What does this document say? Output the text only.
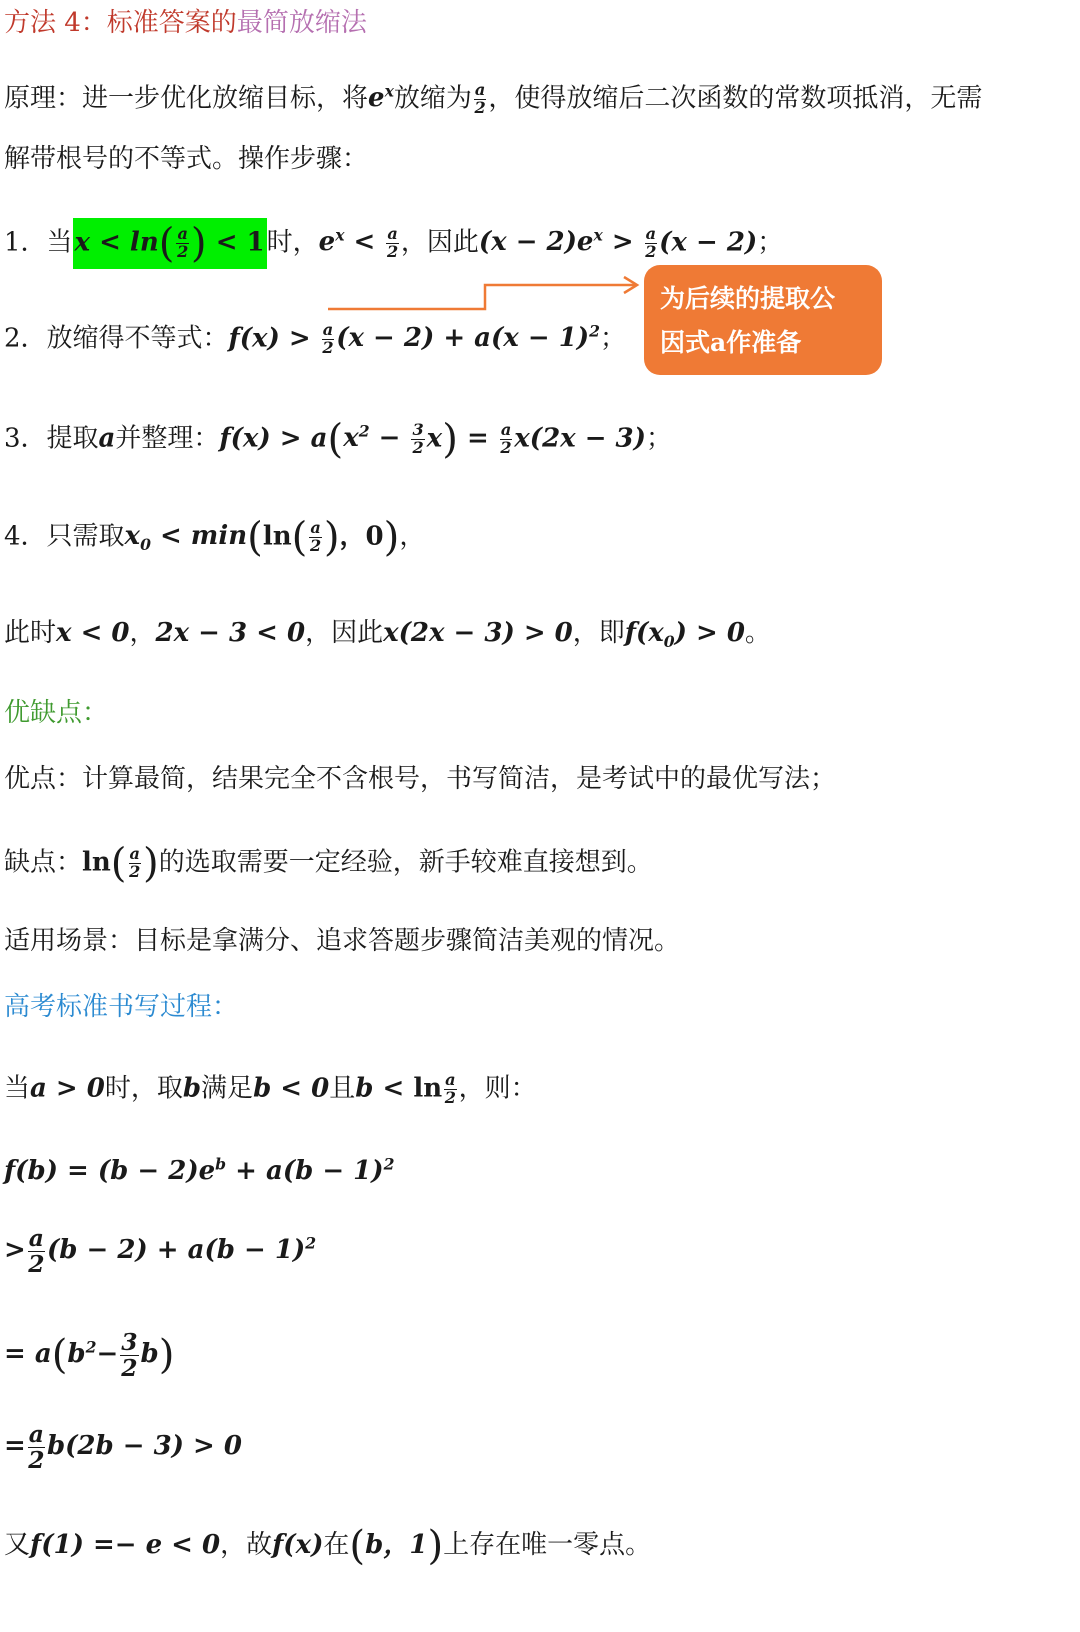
方法 4：标准答案的最简放缩法
原理：进一步优化放缩目标，将$e^x$放缩为 $\frac{a}{2}$ ，使得放缩后二次函数的常数项抵消，无需
解带根号的不等式。操作步骤：
1．当$x < \ln( \frac{a}{2}$ ) < 1时，$e^x < \frac{a}{2}$ ，因此$(x - 2)e^x > \frac{a}{2} (x - 2)$；
为后续的提取公
因式a作准备
2．放缩得不等式：$f(x) > \frac{a}{2} (x - 2) + a(x - 1)^2$；
3．提取a并整理：$f(x) > a(x^2 - \frac{3}{2} x) = \frac{a}{2} x(2x - 3)$；
4．只需取$x_0 < \min(\ln( \frac{a}{2}$ )，0)，
此时x < 0，2x − 3 < 0，因此x(2x − 3) > 0，即$f(x_0) > 0$。
优缺点：
优点：计算最简，结果完全不含根号，书写简洁，是考试中的最优写法；
缺点：$\ln( \frac{a}{2}$ )的选取需要一定经验，新手较难直接想到。
适用场景：目标是拿满分、追求答题步骤简洁美观的情况。
高考标准书写过程：
当a > 0时，取b满足b < 0且$b < \ln \frac{a}{2}$ ，则：
$f(b) = (b - 2)e^b + a(b - 1)^2$
> $\frac{a}{2} (b - 2) + a(b - 1)^2$
= $a(b^2- \frac{3}{2} b)$
= $\frac{a}{2} b(2b - 3) > 0$
又f(1) =− e < 0，故f(x)在(b，1)上存在唯一零点。
